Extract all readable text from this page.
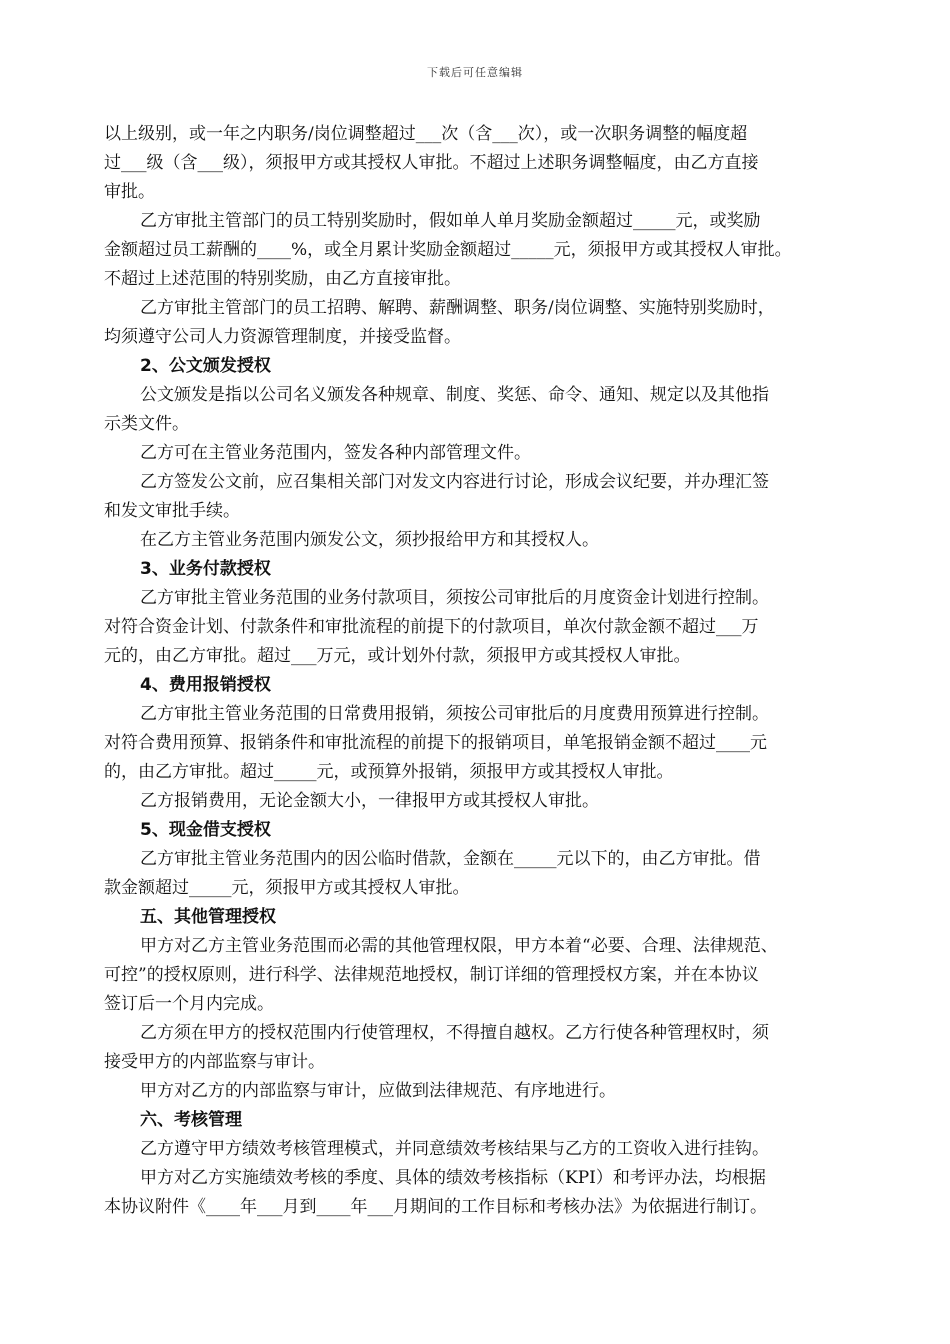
下载后可任意编辑

以上级别，或一年之内职务/岗位调整超过___次（含___次），或一次职务调整的幅度超

过___级（含___级），须报甲方或其授权人审批。不超过上述职务调整幅度，由乙方直接

审批。

乙方审批主管部门的员工特别奖励时，假如单人单月奖励金额超过_____元，或奖励

金额超过员工薪酬的____%，或全月累计奖励金额超过_____元，须报甲方或其授权人审批。

不超过上述范围的特别奖励，由乙方直接审批。

乙方审批主管部门的员工招聘、解聘、薪酬调整、职务/岗位调整、实施特别奖励时，

均须遵守公司人力资源管理制度，并接受监督。

2、公文颁发授权

公文颁发是指以公司名义颁发各种规章、制度、奖惩、命令、通知、规定以及其他指

示类文件。

乙方可在主管业务范围内，签发各种内部管理文件。

乙方签发公文前，应召集相关部门对发文内容进行讨论，形成会议纪要，并办理汇签

和发文审批手续。

在乙方主管业务范围内颁发公文，须抄报给甲方和其授权人。

3、业务付款授权

乙方审批主管业务范围的业务付款项目，须按公司审批后的月度资金计划进行控制。

对符合资金计划、付款条件和审批流程的前提下的付款项目，单次付款金额不超过___万

元的，由乙方审批。超过___万元，或计划外付款，须报甲方或其授权人审批。

4、费用报销授权

乙方审批主管业务范围的日常费用报销，须按公司审批后的月度费用预算进行控制。

对符合费用预算、报销条件和审批流程的前提下的报销项目，单笔报销金额不超过____元

的，由乙方审批。超过_____元，或预算外报销，须报甲方或其授权人审批。

乙方报销费用，无论金额大小，一律报甲方或其授权人审批。

5、现金借支授权

乙方审批主管业务范围内的因公临时借款，金额在_____元以下的，由乙方审批。借

款金额超过_____元，须报甲方或其授权人审批。

五、其他管理授权

甲方对乙方主管业务范围而必需的其他管理权限，甲方本着“必要、合理、法律规范、

可控”的授权原则，进行科学、法律规范地授权，制订详细的管理授权方案，并在本协议

签订后一个月内完成。

乙方须在甲方的授权范围内行使管理权，不得擅自越权。乙方行使各种管理权时，须

接受甲方的内部监察与审计。

甲方对乙方的内部监察与审计，应做到法律规范、有序地进行。

六、考核管理

乙方遵守甲方绩效考核管理模式，并同意绩效考核结果与乙方的工资收入进行挂钩。

甲方对乙方实施绩效考核的季度、具体的绩效考核指标（KPI）和考评办法，均根据

本协议附件《____年___月到____年___月期间的工作目标和考核办法》为依据进行制订。
